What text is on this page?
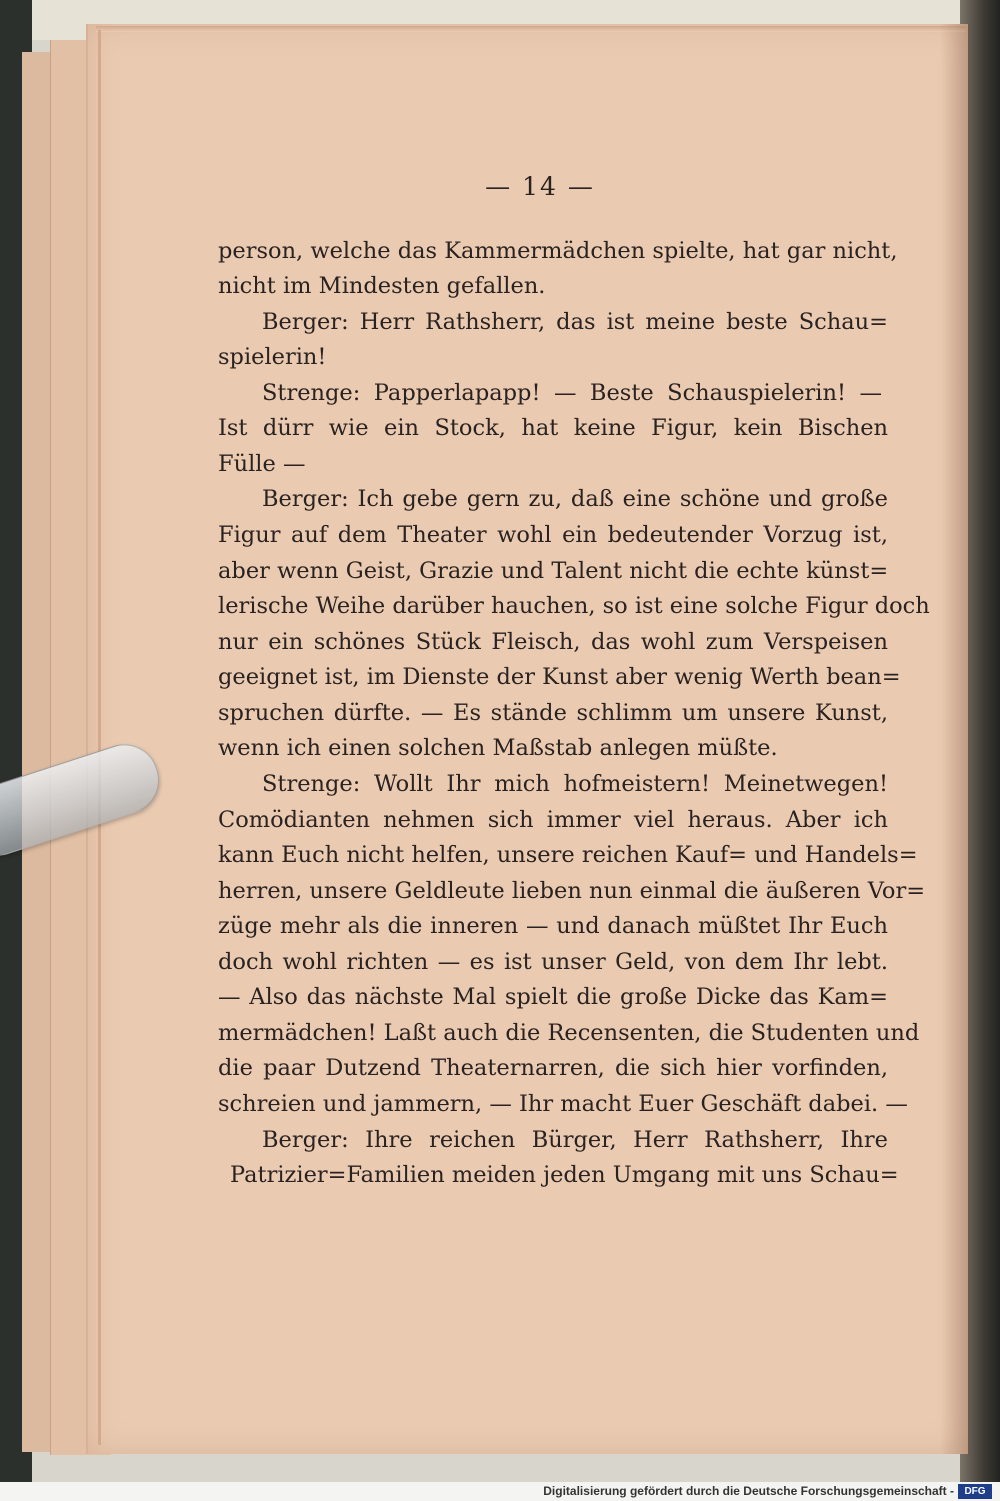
— 14 —
person, welche das Kammermädchen spielte, hat gar nicht,
nicht im Mindesten gefallen.
Berger: Herr Rathsherr, das ist meine beste Schau=
spielerin!
Strenge: Papperlapapp! — Beste Schauspielerin! —
Ist dürr wie ein Stock, hat keine Figur, kein Bischen
Fülle —
Berger: Ich gebe gern zu, daß eine schöne und große
Figur auf dem Theater wohl ein bedeutender Vorzug ist,
aber wenn Geist, Grazie und Talent nicht die echte künst=
lerische Weihe darüber hauchen, so ist eine solche Figur doch
nur ein schönes Stück Fleisch, das wohl zum Verspeisen
geeignet ist, im Dienste der Kunst aber wenig Werth bean=
spruchen dürfte. — Es stände schlimm um unsere Kunst,
wenn ich einen solchen Maßstab anlegen müßte.
Strenge: Wollt Ihr mich hofmeistern! Meinetwegen!
Comödianten nehmen sich immer viel heraus. Aber ich
kann Euch nicht helfen, unsere reichen Kauf= und Handels=
herren, unsere Geldleute lieben nun einmal die äußeren Vor=
züge mehr als die inneren — und danach müßtet Ihr Euch
doch wohl richten — es ist unser Geld, von dem Ihr lebt.
— Also das nächste Mal spielt die große Dicke das Kam=
mermädchen! Laßt auch die Recensenten, die Studenten und
die paar Dutzend Theaternarren, die sich hier vorfinden,
schreien und jammern, — Ihr macht Euer Geschäft dabei. —
Berger: Ihre reichen Bürger, Herr Rathsherr, Ihre
Patrizier=Familien meiden jeden Umgang mit uns Schau=
Digitalisierung gefördert durch die Deutsche Forschungsgemeinschaft -	DFG
